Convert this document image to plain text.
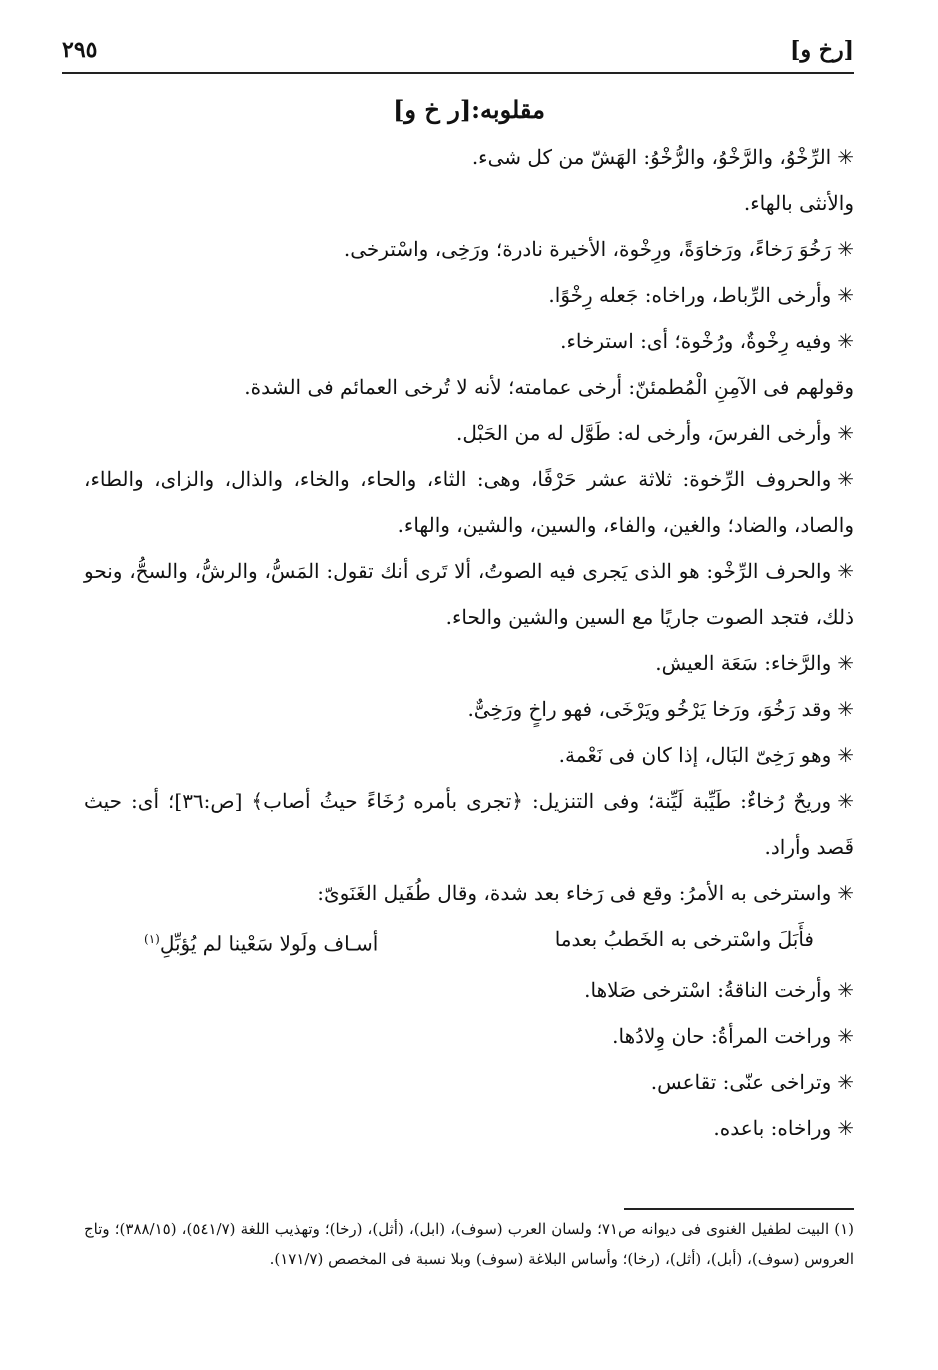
٢٩٥	[رخ و]
مقلوبه:[ر خ و]

✳الرِّخْوُ، والرَّخْوُ، والرُّخْوُ: الهَشّ من كل شىء.

والأنثى بالهاء.

✳رَخُوَ رَخاءً، ورَخاوَةً، ورِخْوة، الأخيرة نادرة؛ ورَخِى، واسْترخى.

✳وأرخى الرِّباط، وراخاه: جَعله رِخْوًا.

✳وفيه رِخْوةٌ، ورُخْوة؛ أى: استرخاء.

وقولهم فى الآمِنِ الْمُطمئنّ: أرخى عمامته؛ لأنه لا تُرخى العمائم فى الشدة.

✳وأرخى الفرسَ، وأرخى له: طَوَّل له من الحَبْل.

✳والحروف الرِّخوة: ثلاثة عشر حَرْفًا، وهى: الثاء، والحاء، والخاء، والذال، والزاى، والطاء، والصاد، والضاد؛ والغين، والفاء، والسين، والشين، والهاء.

✳والحرف الرِّخْو: هو الذى يَجرى فيه الصوتُ، ألا تَرى أنك تقول: المَسُّ، والرشُّ، والسحُّ، ونحو ذلك، فتجد الصوت جاريًا مع السين والشين والحاء.

✳والرَّخاء: سَعَة العيش.

✳وقد رَخُوَ، ورَخا يَرْخُو ويَرْخَى، فهو راخٍ ورَخِىٌّ.

✳وهو رَخِىّ البَال، إذا كان فى نَعْمة.

✳وريحٌ رُخاءٌ: طَيِّبة لَيِّنة؛ وفى التنزيل: ﴿تجرى بأمره رُخَاءً حيثُ أصاب﴾ [ص:٣٦]؛ أى: حيث قَصد وأراد.

✳واسترخى به الأمرُ: وقع فى رَخاء بعد شدة، وقال طُفَيل الغَنَوىّ:

فأَبَلَ واسْترخى به الخَطبُ بعدما
أسـاف ولَولا سَعْينا لم يُؤبِّلِ$^{(١)}$

✳وأرخت الناقةُ: اسْترخى صَلاها.

✳وراخت المرأةُ: حان وِلادُها.

✳وتراخى عنّى: تقاعس.

✳وراخاه: باعده.

(١) البيت لطفيل الغنوى فى ديوانه ص٧١؛ ولسان العرب (سوف)، (ابل)، (أثل)، (رخا)؛ وتهذيب اللغة (٥٤١/٧)، (٣٨٨/١٥)؛ وتاج العروس (سوف)، (أبل)، (أثل)، (رخا)؛ وأساس البلاغة (سوف) وبلا نسبة فى المخصص (١٧١/٧).
